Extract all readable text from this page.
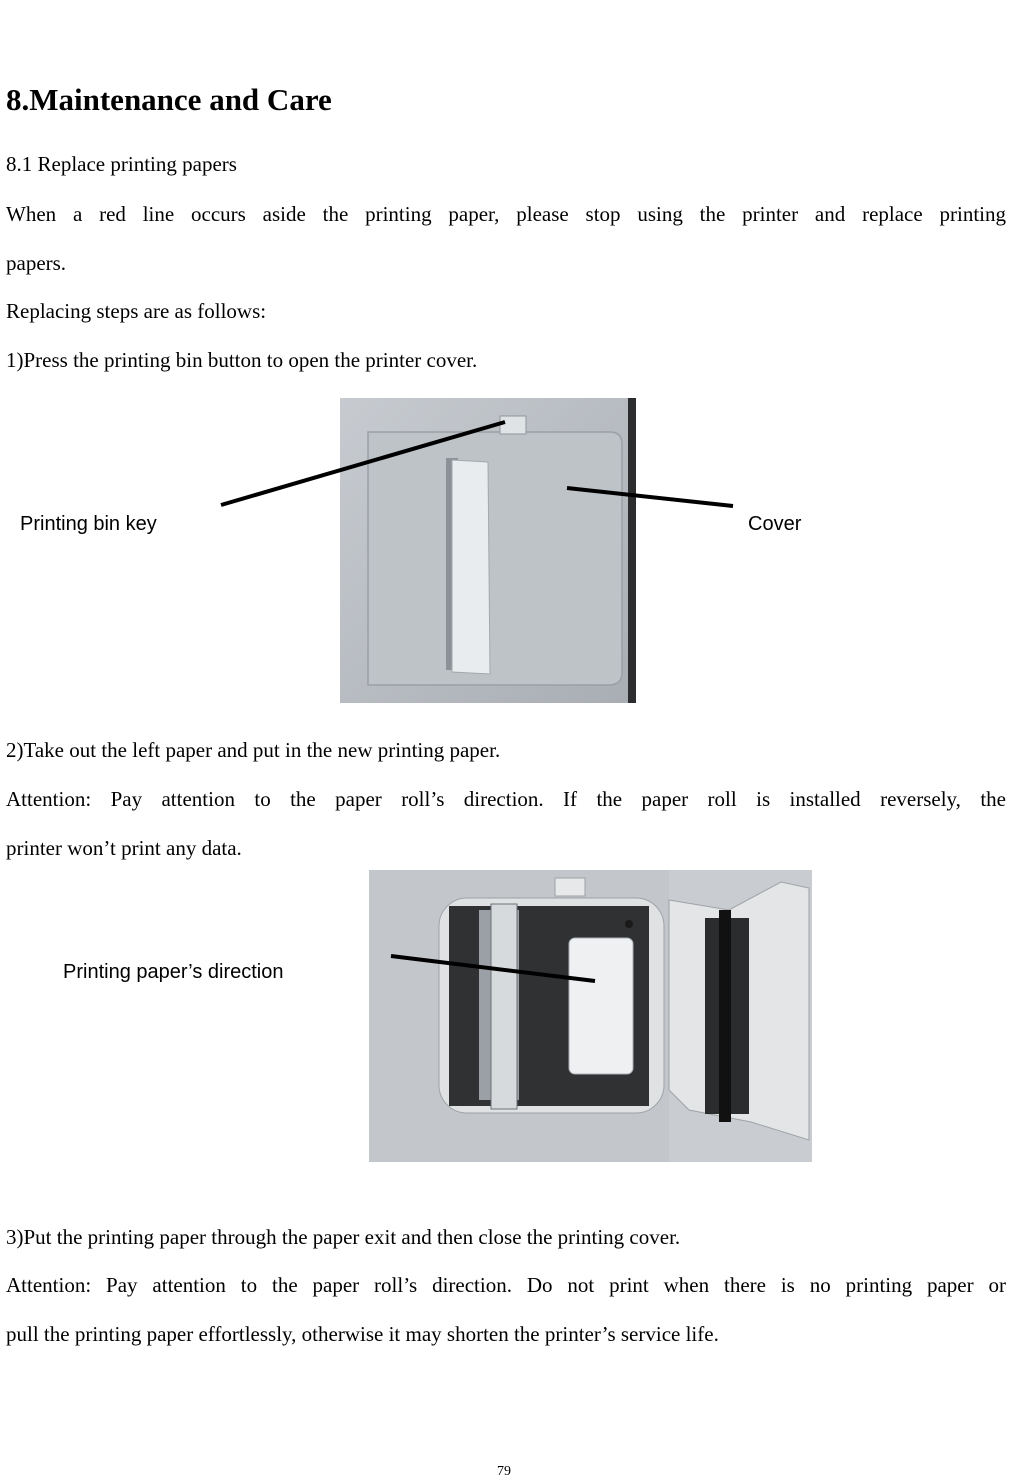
8.Maintenance and Care
8.1 Replace printing papers
When a red line occurs aside the printing paper, please stop using the printer and replace printing
papers.
Replacing steps are as follows:
1)Press the printing bin button to open the printer cover.
Printing bin key	Cover
2)Take out the left paper and put in the new printing paper.
Attention: Pay attention to the paper roll’s direction. If the paper roll is installed reversely, the
printer won’t print any data.
Printing paper’s direction
3)Put the printing paper through the paper exit and then close the printing cover.
Attention: Pay attention to the paper roll’s direction. Do not print when there is no printing paper or
pull the printing paper effortlessly, otherwise it may shorten the printer’s service life.
79
